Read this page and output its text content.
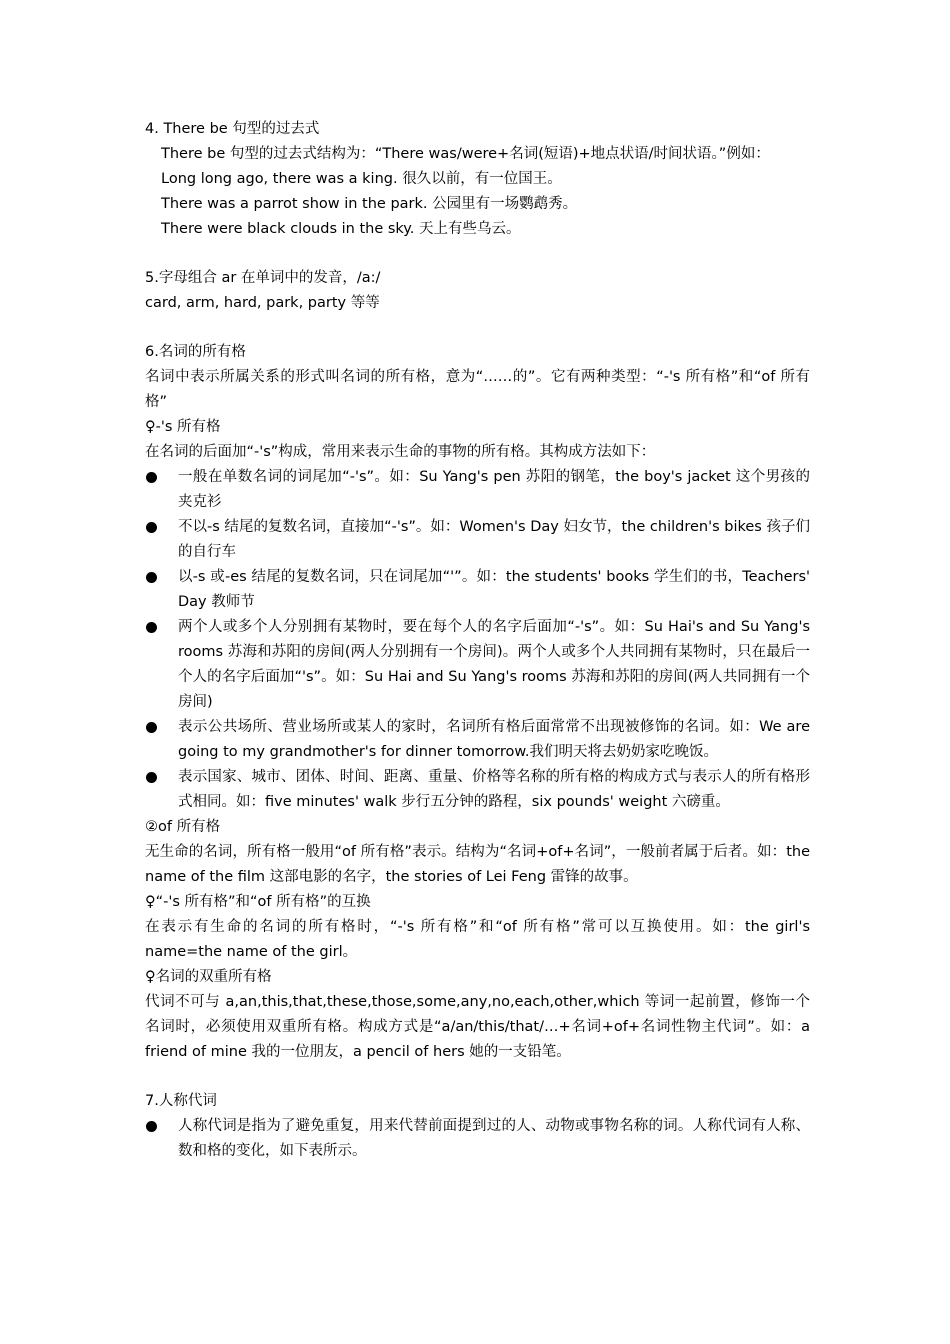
4. There be 句型的过去式
There be 句型的过去式结构为：“There was/were+名词(短语)+地点状语/时间状语。”例如：
Long long ago, there was a king. 很久以前，有一位国王。
There was a parrot show in the park. 公园里有一场鹦鹉秀。
There were black clouds in the sky. 天上有些乌云。
5.字母组合 ar 在单词中的发音，/a:/
card, arm, hard, park, party 等等
6.名词的所有格
名词中表示所属关系的形式叫名词的所有格，意为“……的”。它有两种类型：“-'s 所有格”和“of 所有格”
♀-'s 所有格
在名词的后面加“-'s”构成，常用来表示生命的事物的所有格。其构成方法如下：
一般在单数名词的词尾加“-'s”。如：Su Yang's pen 苏阳的钢笔，the boy's jacket 这个男孩的夹克衫
不以-s 结尾的复数名词，直接加“-'s”。如：Women's Day 妇女节，the children's bikes 孩子们的自行车
以-s 或-es 结尾的复数名词，只在词尾加“'”。如：the students' books 学生们的书，Teachers' Day 教师节
两个人或多个人分别拥有某物时，要在每个人的名字后面加“-'s”。如：Su Hai's and Su Yang's rooms 苏海和苏阳的房间(两人分别拥有一个房间)。两个人或多个人共同拥有某物时，只在最后一个人的名字后面加“'s”。如：Su Hai and Su Yang's rooms 苏海和苏阳的房间(两人共同拥有一个房间)
表示公共场所、营业场所或某人的家时，名词所有格后面常常不出现被修饰的名词。如：We are going to my grandmother's for dinner tomorrow.我们明天将去奶奶家吃晚饭。
表示国家、城市、团体、时间、距离、重量、价格等名称的所有格的构成方式与表示人的所有格形式相同。如：five minutes' walk 步行五分钟的路程，six pounds' weight 六磅重。
②of 所有格
无生命的名词，所有格一般用“of 所有格”表示。结构为“名词+of+名词”，一般前者属于后者。如：the name of the film 这部电影的名字，the stories of Lei Feng 雷锋的故事。
♀“-'s 所有格”和“of 所有格”的互换
在表示有生命的名词的所有格时，“-'s 所有格”和“of 所有格”常可以互换使用。如：the girl's name=the name of the girl。
♀名词的双重所有格
代词不可与 a,an,this,that,these,those,some,any,no,each,other,which 等词一起前置，修饰一个名词时，必须使用双重所有格。构成方式是“a/an/this/that/…+名词+of+名词性物主代词”。如：a friend of mine 我的一位朋友，a pencil of hers 她的一支铅笔。
7.人称代词
人称代词是指为了避免重复，用来代替前面提到过的人、动物或事物名称的词。人称代词有人称、数和格的变化，如下表所示。
